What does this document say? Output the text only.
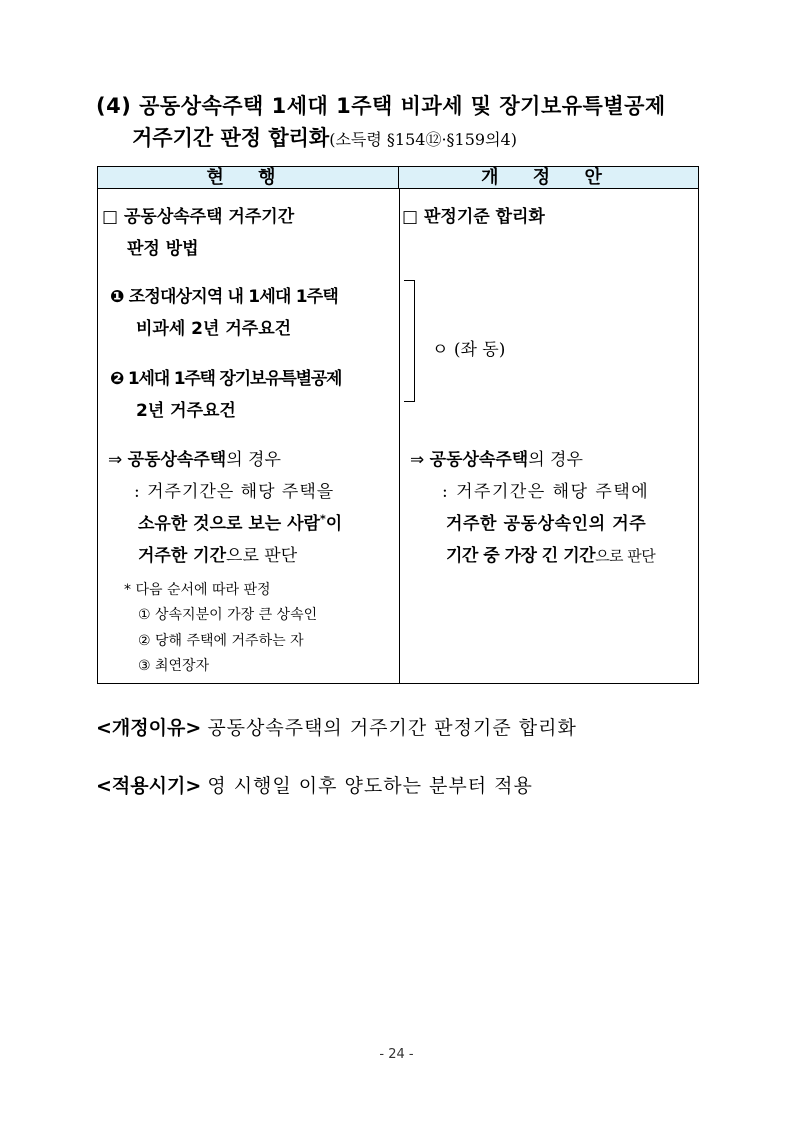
(4) 공동상속주택 1세대 1주택 비과세 및 장기보유특별공제
거주기간 판정 합리화(소득령 §154⑫·§159의4)
현 행	개 정 안
□ 공동상속주택 거주기간
판정 방법
❶ 조정대상지역 내 1세대 1주택
비과세 2년 거주요건
❷ 1세대 1주택 장기보유특별공제
2년 거주요건
⇒ 공동상속주택의 경우
: 거주기간은 해당 주택을
소유한 것으로 보는 사람*이
거주한 기간으로 판단
* 다음 순서에 따라 판정
① 상속지분이 가장 큰 상속인
② 당해 주택에 거주하는 자
③ 최연장자
□ 판정기준 합리화
ㅇ (좌 동)
⇒ 공동상속주택의 경우
: 거주기간은 해당 주택에
거주한 공동상속인의 거주
기간 중 가장 긴 기간으로 판단
<개정이유> 공동상속주택의 거주기간 판정기준 합리화
<적용시기> 영 시행일 이후 양도하는 분부터 적용
- 24 -
